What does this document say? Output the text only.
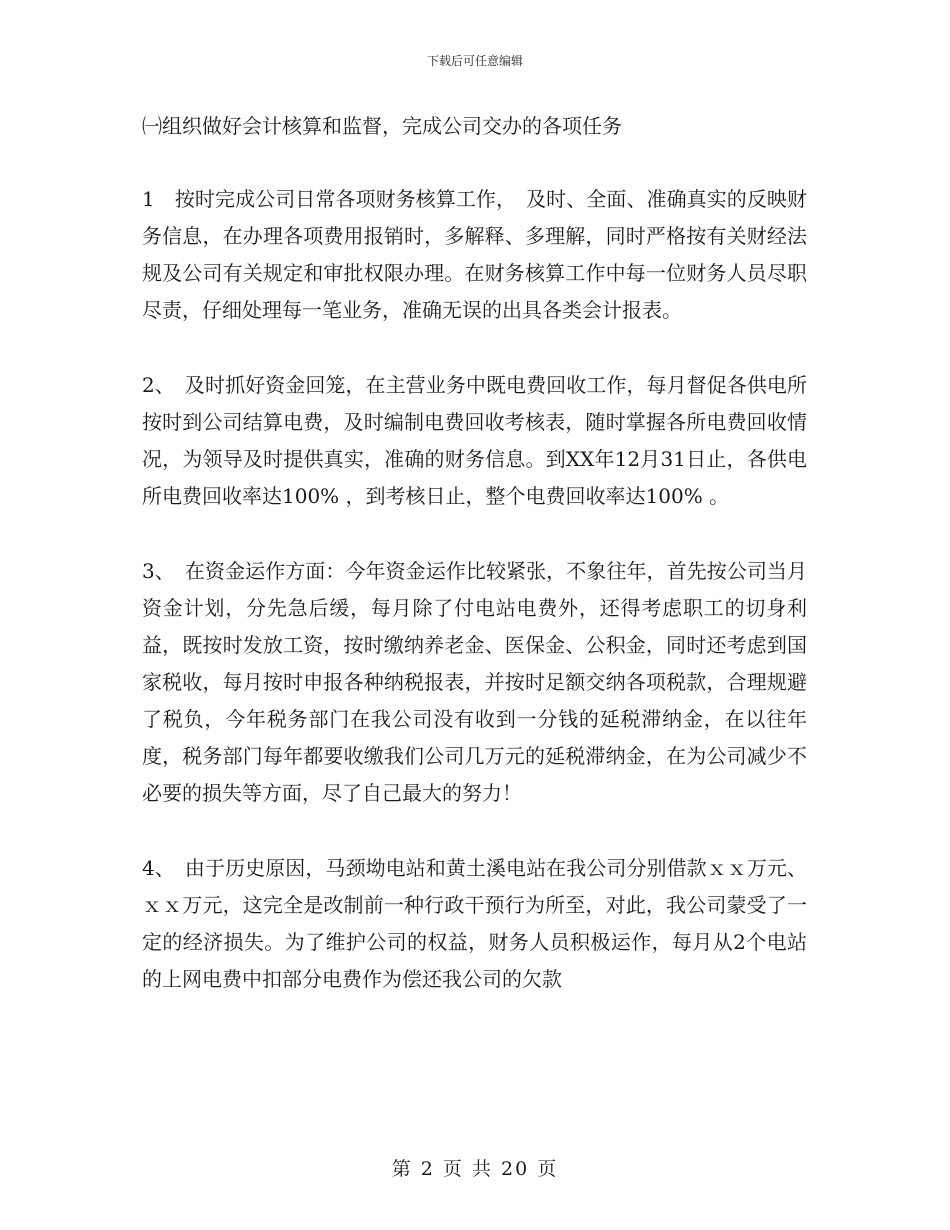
下载后可任意编辑

㈠组织做好会计核算和监督，完成公司交办的各项任务

1　按时完成公司日常各项财务核算工作，　及时、全面、准确真实的反映财务信息，在办理各项费用报销时，多解释、多理解，同时严格按有关财经法规及公司有关规定和审批权限办理。在财务核算工作中每一位财务人员尽职尽责，仔细处理每一笔业务，准确无误的出具各类会计报表。

2、　及时抓好资金回笼，在主营业务中既电费回收工作，每月督促各供电所按时到公司结算电费，及时编制电费回收考核表，随时掌握各所电费回收情况，为领导及时提供真实，准确的财务信息。到XX年12月31日止，各供电所电费回收率达100% ，到考核日止，整个电费回收率达100% 。

3、　在资金运作方面：今年资金运作比较紧张，不象往年，首先按公司当月资金计划，分先急后缓，每月除了付电站电费外，还得考虑职工的切身利益，既按时发放工资，按时缴纳养老金、医保金、公积金，同时还考虑到国家税收，每月按时申报各种纳税报表，并按时足额交纳各项税款，合理规避了税负，今年税务部门在我公司没有收到一分钱的延税滞纳金，在以往年度，税务部门每年都要收缴我们公司几万元的延税滞纳金，在为公司减少不必要的损失等方面，尽了自己最大的努力！

4、　由于历史原因，马颈坳电站和黄土溪电站在我公司分别借款ｘｘ万元、ｘｘ万元，这完全是改制前一种行政干预行为所至，对此，我公司蒙受了一定的经济损失。为了维护公司的权益，财务人员积极运作，每月从2个电站的上网电费中扣部分电费作为偿还我公司的欠款

第 2 页 共 20 页
